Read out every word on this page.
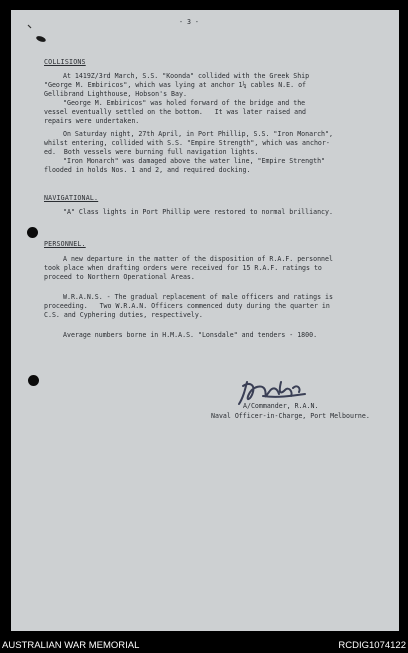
- 3 -
COLLISIONS
At 1419Z/3rd March, S.S. "Koonda" collided with the Greek Ship
"George M. Embiricos", which was lying at anchor 1¼ cables N.E. of
Gellibrand Lighthouse, Hobson's Bay.
"George M. Embiricos" was holed forward of the bridge and the
vessel eventually settled on the bottom.   It was later raised and
repairs were undertaken.
On Saturday night, 27th April, in Port Phillip, S.S. "Iron Monarch",
whilst entering, collided with S.S. "Empire Strength", which was anchor-
ed.  Both vessels were burning full navigation lights.
"Iron Monarch" was damaged above the water line, "Empire Strength"
flooded in holds Nos. 1 and 2, and required docking.
NAVIGATIONAL.
"A" Class lights in Port Phillip were restored to normal brilliancy.
PERSONNEL.
A new departure in the matter of the disposition of R.A.F. personnel
took place when drafting orders were received for 15 R.A.F. ratings to
proceed to Northern Operational Areas.
W.R.A.N.S. - The gradual replacement of male officers and ratings is
proceeding.   Two W.R.A.N. Officers commenced duty during the quarter in
C.S. and Cyphering duties, respectively.
Average numbers borne in H.M.A.S. "Lonsdale" and tenders - 1800.
A/Commander, R.A.N.
Naval Officer-in-Charge, Port Melbourne.
AUSTRALIAN WAR MEMORIAL	RCDIG1074122
